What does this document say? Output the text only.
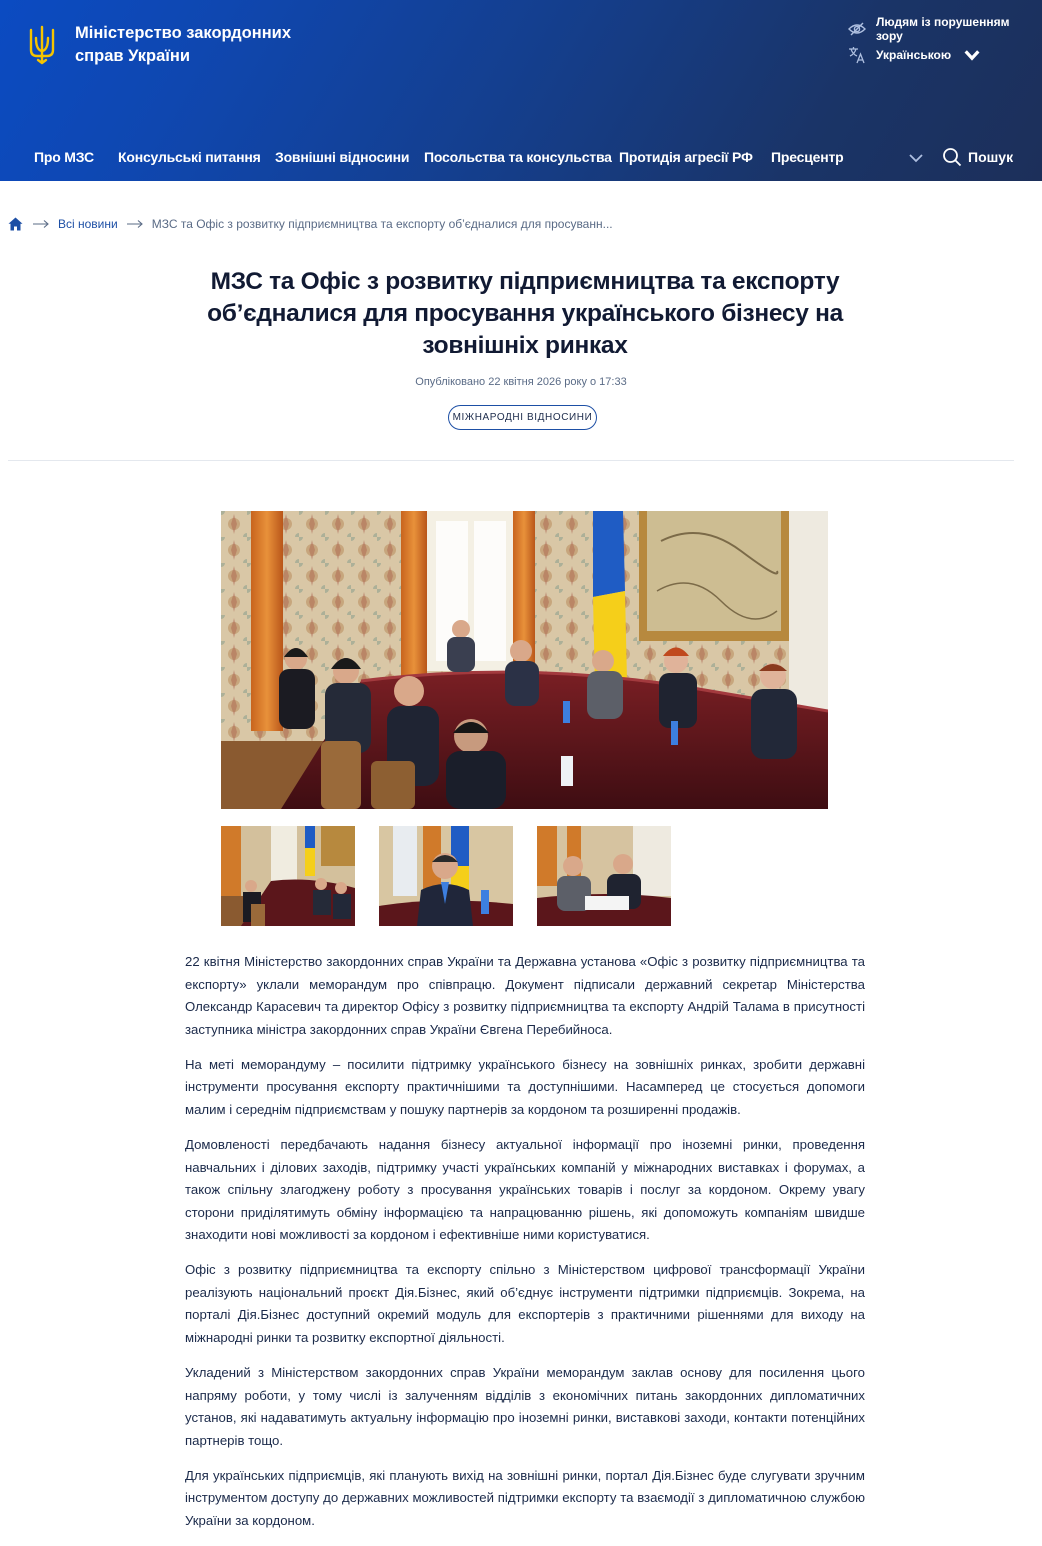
Міністерство закордонних справ України
Людям із порушенням зору
Українською
Про МЗС Консульські питання Зовнішні відносини Посольства та консульства Протидія агресії РФ Пресцентр	Пошук
Всі новини	МЗС та Офіс з розвитку підприємництва та експорту об’єдналися для просуванн...
МЗС та Офіс з розвитку підприємництва та експорту об’єдналися для просування українського бізнесу на зовнішніх ринках
Опубліковано 22 квітня 2026 року о 17:33
МІЖНАРОДНІ ВІДНОСИНИ

22 квітня Міністерство закордонних справ України та Державна установа «Офіс з розвитку підприємництва та експорту» уклали меморандум про співпрацю. Документ підписали державний секретар Міністерства Олександр Карасевич та директор Офісу з розвитку підприємництва та експорту Андрій Талама в присутності заступника міністра закордонних справ України Євгена Перебийноса.

На меті меморандуму – посилити підтримку українського бізнесу на зовнішніх ринках, зробити державні інструменти просування експорту практичнішими та доступнішими. Насамперед це стосується допомоги малим і середнім підприємствам у пошуку партнерів за кордоном та розширенні продажів.

Домовленості передбачають надання бізнесу актуальної інформації про іноземні ринки, проведення навчальних і ділових заходів, підтримку участі українських компаній у міжнародних виставках і форумах, а також спільну злагоджену роботу з просування українських товарів і послуг за кордоном. Окрему увагу сторони приділятимуть обміну інформацією та напрацюванню рішень, які допоможуть компаніям швидше знаходити нові можливості за кордоном і ефективніше ними користуватися.

Офіс з розвитку підприємництва та експорту спільно з Міністерством цифрової трансформації України реалізують національний проєкт Дія.Бізнес, який об’єднує інструменти підтримки підприємців. Зокрема, на порталі Дія.Бізнес доступний окремий модуль для експортерів з практичними рішеннями для виходу на міжнародні ринки та розвитку експортної діяльності.

Укладений з Міністерством закордонних справ України меморандум заклав основу для посилення цього напряму роботи, у тому числі із залученням відділів з економічних питань закордонних дипломатичних установ, які надаватимуть актуальну інформацію про іноземні ринки, виставкові заходи, контакти потенційних партнерів тощо.

Для українських підприємців, які планують вихід на зовнішні ринки, портал Дія.Бізнес буде слугувати зручним інструментом доступу до державних можливостей підтримки експорту та взаємодії з дипломатичною службою України за кордоном.
